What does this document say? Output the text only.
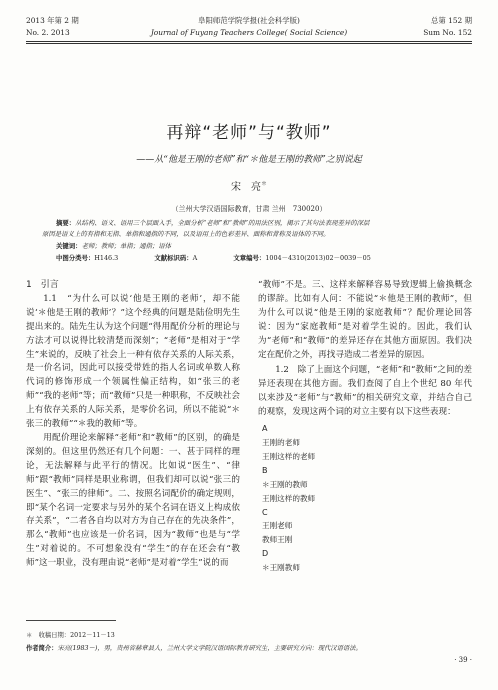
2013 年第 2 期
No. 2. 2013
阜阳师范学院学报(社会科学版)
Journal of Fuyang Teachers College( Social Science)
总第 152 期
Sum No. 152
再辩“老师”与“教师”
——从“他是王刚的老师”和“＊他是王刚的教师”之别说起
宋　亮＊
（兰州大学汉语国际教育，甘肃 兰州　730020）
摘要：从结构、语义、语用三个层面入手，全面分析“老师”和“教师”的用法区别，揭示了其句法表现差异的深层
原因是语义上的有指和无指、单指和通指的不同，以及语用上的色彩差异、面称和背称及语体的不同。
关键词：老师；教师；单指；通指；语体
中图分类号：H146.3	文献标识码：A	文章编号：1004－4310(2013)02－0039－05

1　引言

1.1　“为什么可以说‘他是王刚的老师’，却不能说‘＊他是王刚的教师’？”这个经典的问题是陆俭明先生提出来的。陆先生认为这个问题“得用配价分析的理论与方法才可以说得比较清楚而深刻”；“老师”是相对于“学生”来说的，反映了社会上一种有依存关系的人际关系，是一价名词，因此可以接受带姓的指人名词或单数人称代词的修饰形成一个领属性偏正结构，如“张三的老师”“我的老师”等；而“教师”只是一种职称，不反映社会上有依存关系的人际关系，是零价名词，所以不能说“＊张三的教师”“＊我的教师”等。

用配价理论来解释“老师”和“教师”的区别，的确是深刻的。但这里仍然还有几个问题：一、甚于同样的理论，无法解释与此平行的情况。比如说“医生”、“律师”跟“教师”同样是职业称谓，但我们却可以说“张三的医生”、“张三的律师”。二、按照名词配价的确定规则，即“某个名词一定要求与另外的某个名词在语义上构成依存关系”，“二者各自均以对方为自己存在的先决条件”，那么“教师”也应该是一价名词，因为“教师”也是与“学生”对着说的。不可想象没有“学生”的存在还会有“教师”这一职业，没有理由说“老师”是对着“学生”说的而

“教师”不是。三、这样来解释容易导致逻辑上偷换概念的谬辞。比如有人问：不能说“＊他是王刚的教师”，但为什么可以说“他是王刚的家庭教师”？配价理论回答说：因为“家庭教师”是对着学生说的。因此，我们认为“老师”和“教师”的差异还存在其他方面原因。我们决定在配价之外，再找寻造成二者差异的原因。

1.2　除了上面这个问题，“老师”和“教师”之间的差异还表现在其他方面。我们查阅了自上个世纪 80 年代以来涉及“老师”与“教师”的相关研究文章，并结合自己的观察，发现这两个词的对立主要有以下这些表现：

A
王刚的老师
王刚这样的老师
B
＊王刚的教师
王刚这样的教师
C
王刚老师
教师王刚
D
＊王刚教师
＊　收稿日期：2012－11－13
作者简介：宋亮(1983－)，男，贵州省赫章县人，兰州大学文学院汉语国际教育研究生，主要研究方向：现代汉语语法。
· 39 ·
